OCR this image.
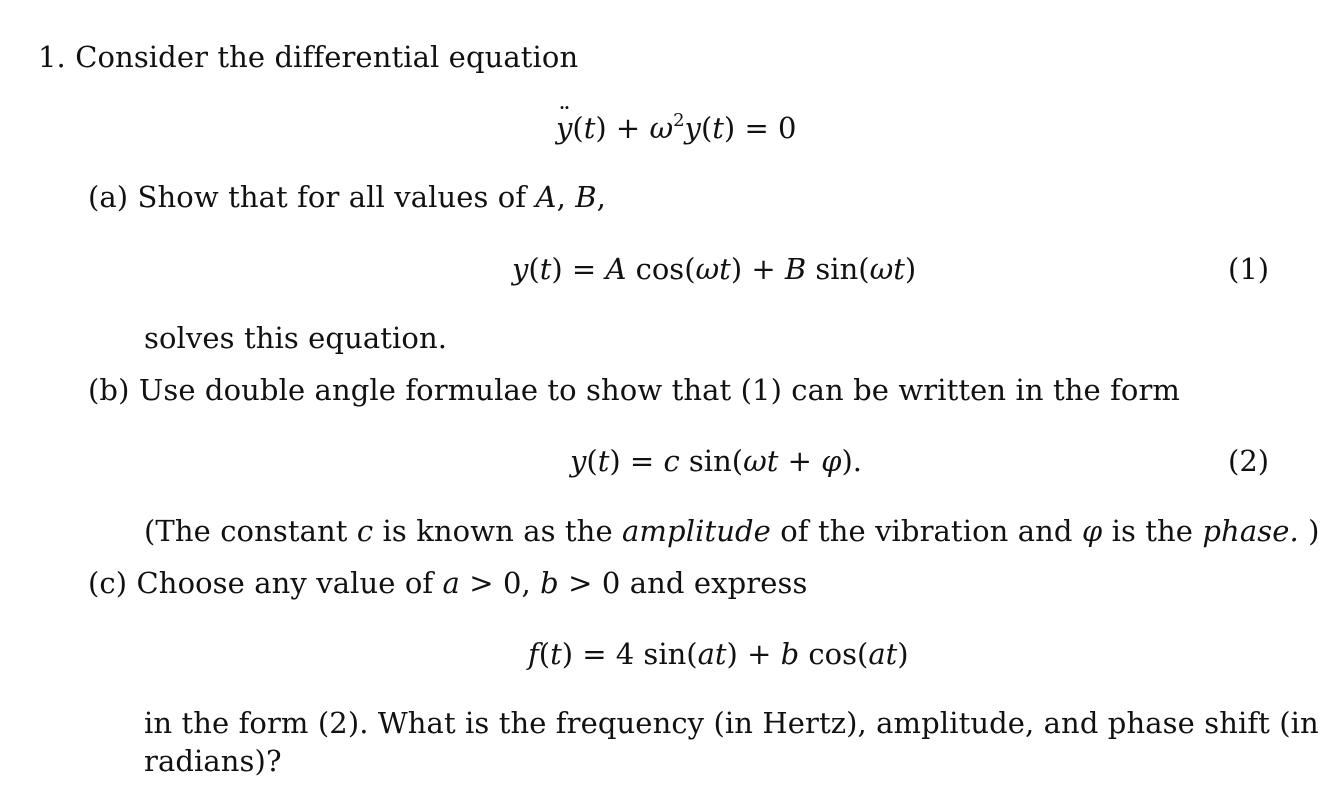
1. Consider the differential equation
y ¨(t) + $\omega^2y(t) = 0$
(a) Show that for all values of A, B,
y(t) = A cos(ωt) + B sin(ωt)	(1)
solves this equation.
(b) Use double angle formulae to show that (1) can be written in the form
y(t) = c sin(ωt + φ).	(2)
(The constant c is known as the amplitude of the vibration and φ is the phase. )
(c) Choose any value of a > 0, b > 0 and express
f(t) = 4 sin(at) + b cos(at)
in the form (2). What is the frequency (in Hertz), amplitude, and phase shift (in
radians)?
